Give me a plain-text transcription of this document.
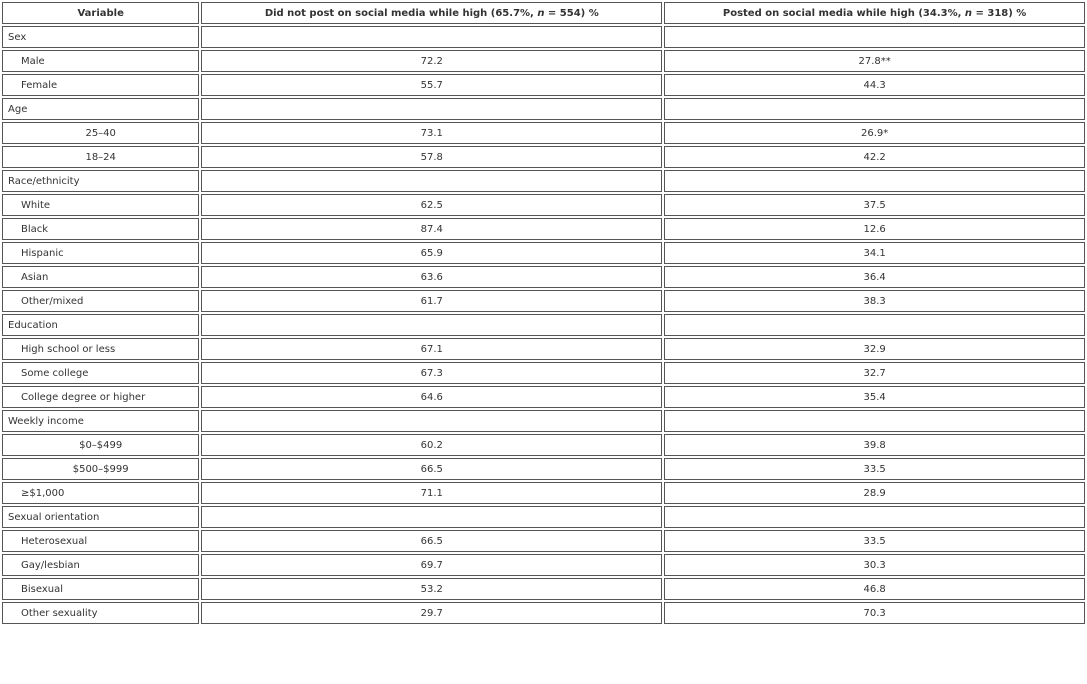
Variable	Did not post on social media while high (65.7%, n = 554) %	Posted on social media while high (34.3%, n = 318) %
Sex		
Male	72.2	27.8**
Female	55.7	44.3
Age		
25–40	73.1	26.9*
18–24	57.8	42.2
Race/ethnicity		
White	62.5	37.5
Black	87.4	12.6
Hispanic	65.9	34.1
Asian	63.6	36.4
Other/mixed	61.7	38.3
Education		
High school or less	67.1	32.9
Some college	67.3	32.7
College degree or higher	64.6	35.4
Weekly income		
$0–$499	60.2	39.8
$500–$999	66.5	33.5
≥$1,000	71.1	28.9
Sexual orientation		
Heterosexual	66.5	33.5
Gay/lesbian	69.7	30.3
Bisexual	53.2	46.8
Other sexuality	29.7	70.3
